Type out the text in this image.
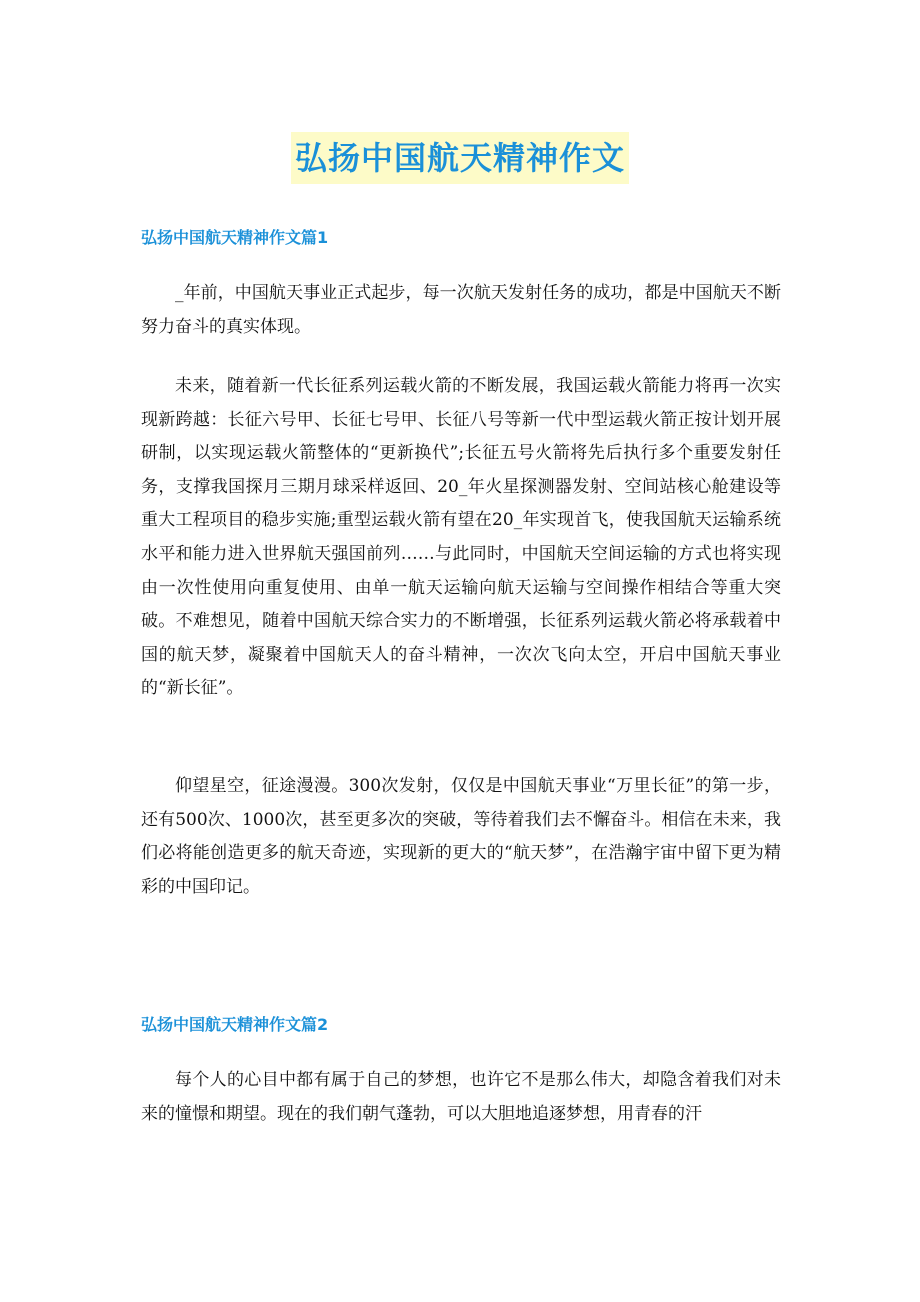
弘扬中国航天精神作文
弘扬中国航天精神作文篇1

_年前，中国航天事业正式起步，每一次航天发射任务的成功，都是中国航天不断努力奋斗的真实体现。

未来，随着新一代长征系列运载火箭的不断发展，我国运载火箭能力将再一次实现新跨越：长征六号甲、长征七号甲、长征八号等新一代中型运载火箭正按计划开展研制，以实现运载火箭整体的“更新换代”;长征五号火箭将先后执行多个重要发射任务，支撑我国探月三期月球采样返回、20_年火星探测器发射、空间站核心舱建设等重大工程项目的稳步实施;重型运载火箭有望在20_年实现首飞，使我国航天运输系统水平和能力进入世界航天强国前列……与此同时，中国航天空间运输的方式也将实现由一次性使用向重复使用、由单一航天运输向航天运输与空间操作相结合等重大突破。不难想见，随着中国航天综合实力的不断增强，长征系列运载火箭必将承载着中国的航天梦，凝聚着中国航天人的奋斗精神，一次次飞向太空，开启中国航天事业的“新长征”。

仰望星空，征途漫漫。300次发射，仅仅是中国航天事业“万里长征”的第一步，还有500次、1000次，甚至更多次的突破，等待着我们去不懈奋斗。相信在未来，我们必将能创造更多的航天奇迹，实现新的更大的“航天梦”，在浩瀚宇宙中留下更为精彩的中国印记。

弘扬中国航天精神作文篇2

每个人的心目中都有属于自己的梦想，也许它不是那么伟大，却隐含着我们对未来的憧憬和期望。现在的我们朝气蓬勃，可以大胆地追逐梦想，用青春的汗
